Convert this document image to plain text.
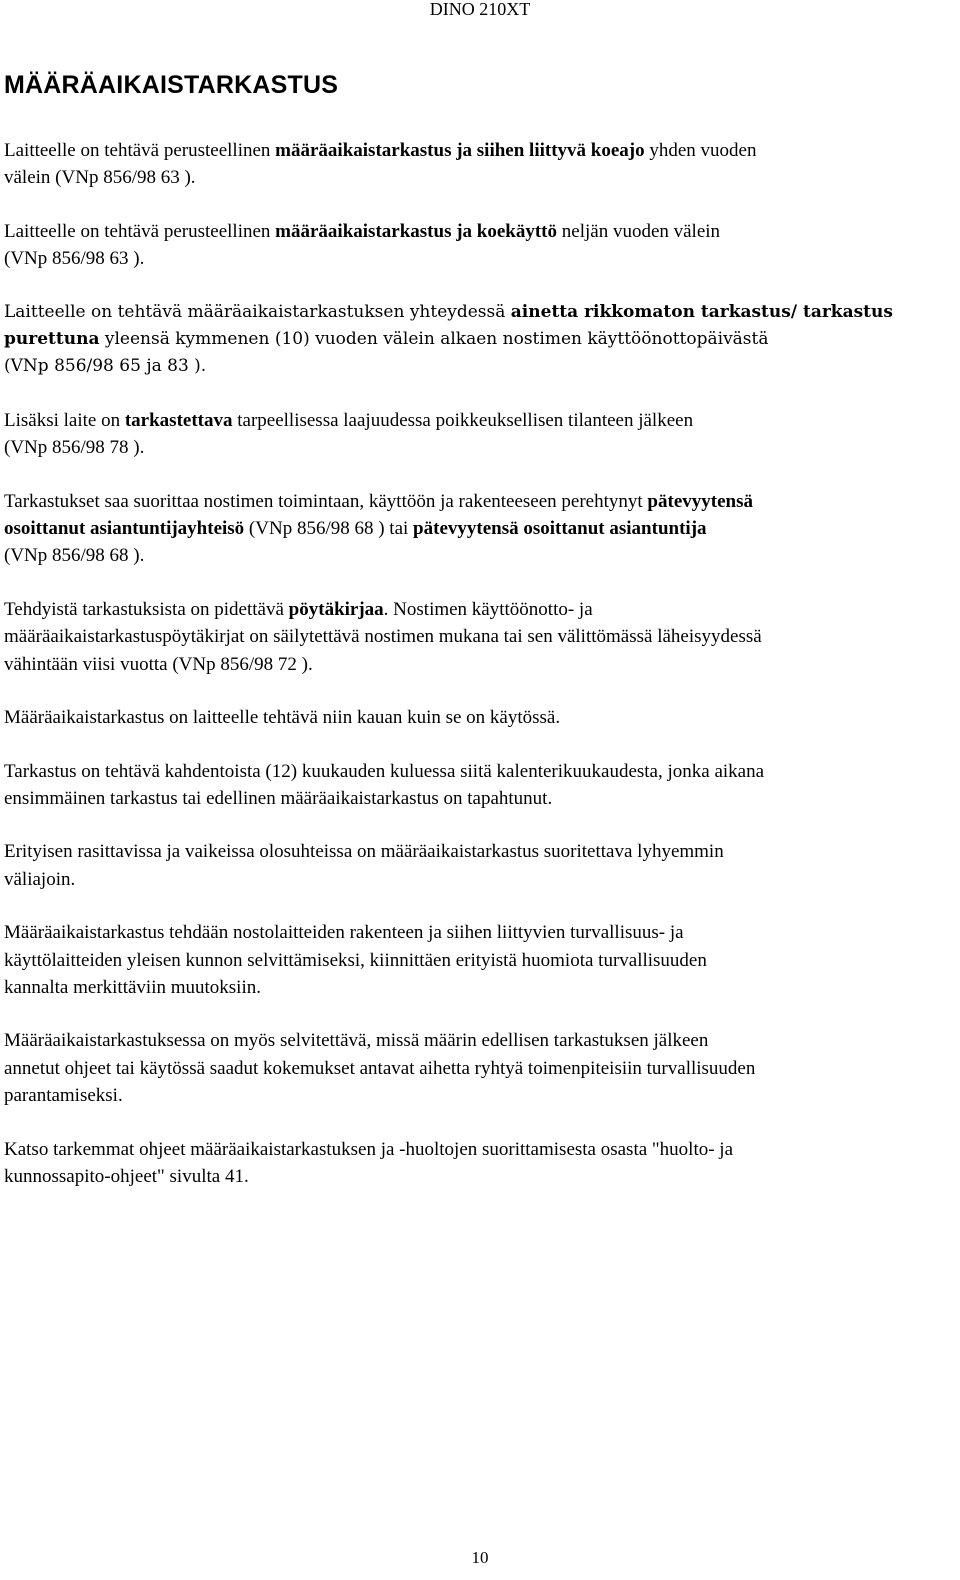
DINO 210XT
MÄÄRÄAIKAISTARKASTUS

Laitteelle on tehtävä perusteellinen määräaikaistarkastus ja siihen liittyvä koeajo yhden vuoden
välein (VNp 856/98 63 ).

Laitteelle on tehtävä perusteellinen määräaikaistarkastus ja koekäyttö neljän vuoden välein
(VNp 856/98 63 ).

Laitteelle on tehtävä määräaikaistarkastuksen yhteydessä ainetta rikkomaton tarkastus/ tarkastus
purettuna yleensä kymmenen (10) vuoden välein alkaen nostimen käyttöönottopäivästä
(VNp 856/98 65 ja 83 ).

Lisäksi laite on tarkastettava tarpeellisessa laajuudessa poikkeuksellisen tilanteen jälkeen
(VNp 856/98 78 ).

Tarkastukset saa suorittaa nostimen toimintaan, käyttöön ja rakenteeseen perehtynyt pätevyytensä
osoittanut asiantuntijayhteisö (VNp 856/98 68 ) tai pätevyytensä osoittanut asiantuntija
(VNp 856/98 68 ).

Tehdyistä tarkastuksista on pidettävä pöytäkirjaa. Nostimen käyttöönotto- ja
määräaikaistarkastuspöytäkirjat on säilytettävä nostimen mukana tai sen välittömässä läheisyydessä
vähintään viisi vuotta (VNp 856/98 72 ).

Määräaikaistarkastus on laitteelle tehtävä niin kauan kuin se on käytössä.

Tarkastus on tehtävä kahdentoista (12) kuukauden kuluessa siitä kalenterikuukaudesta, jonka aikana
ensimmäinen tarkastus tai edellinen määräaikaistarkastus on tapahtunut.

Erityisen rasittavissa ja vaikeissa olosuhteissa on määräaikaistarkastus suoritettava lyhyemmin
väliajoin.

Määräaikaistarkastus tehdään nostolaitteiden rakenteen ja siihen liittyvien turvallisuus- ja
käyttölaitteiden yleisen kunnon selvittämiseksi, kiinnittäen erityistä huomiota turvallisuuden
kannalta merkittäviin muutoksiin.

Määräaikaistarkastuksessa on myös selvitettävä, missä määrin edellisen tarkastuksen jälkeen
annetut ohjeet tai käytössä saadut kokemukset antavat aihetta ryhtyä toimenpiteisiin turvallisuuden
parantamiseksi.

Katso tarkemmat ohjeet määräaikaistarkastuksen ja -huoltojen suorittamisesta osasta "huolto- ja
kunnossapito-ohjeet" sivulta 41.

10
